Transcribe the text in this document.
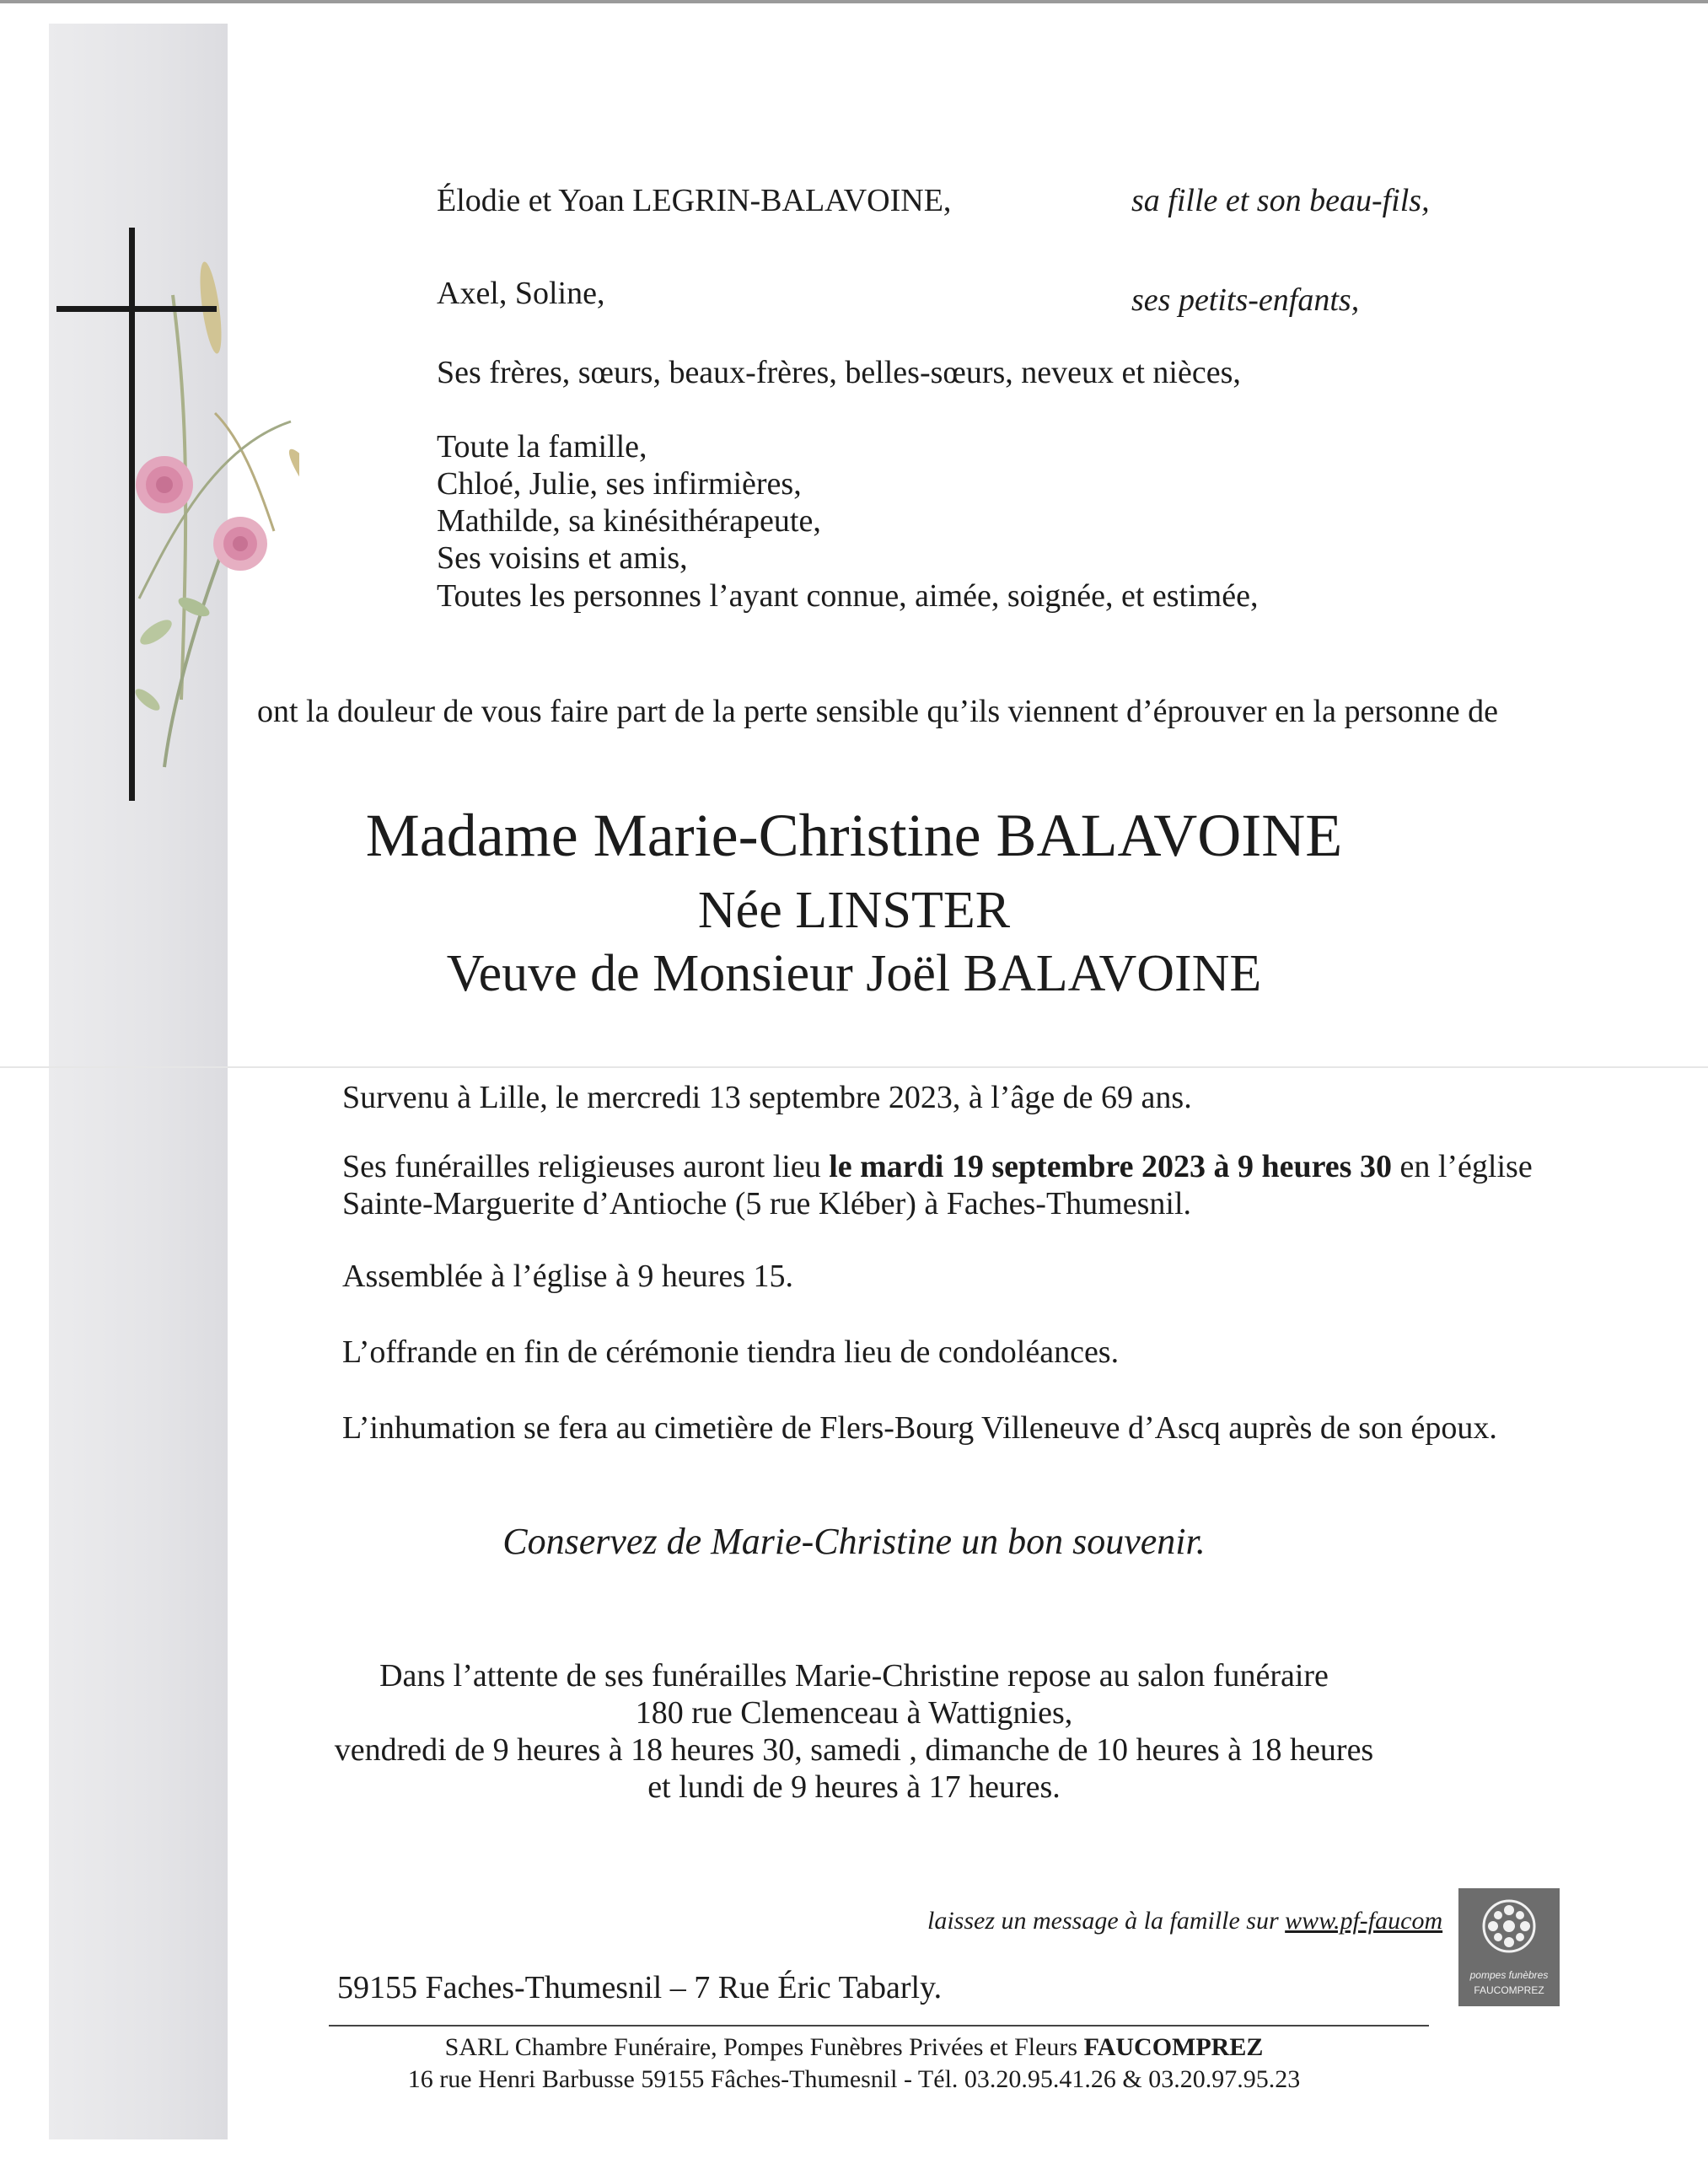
Élodie et Yoan LEGRIN-BALAVOINE,	sa fille et son beau-fils,
Axel, Soline,	ses petits-enfants,
Ses frères, sœurs, beaux-frères, belles-sœurs, neveux et nièces,
Toute la famille,
Chloé, Julie, ses infirmières,
Mathilde, sa kinésithérapeute,
Ses voisins et amis,
Toutes les personnes l’ayant connue, aimée, soignée, et estimée,
ont la douleur de vous faire part de la perte sensible qu’ils viennent d’éprouver en la personne de
Madame Marie-Christine BALAVOINE
Née LINSTER
Veuve de Monsieur Joël BALAVOINE
Survenu à Lille, le mercredi 13 septembre 2023, à l’âge de 69 ans.
Ses funérailles religieuses auront lieu le mardi 19 septembre 2023 à 9 heures 30 en l’église
Sainte-Marguerite d’Antioche (5 rue Kléber) à Faches-Thumesnil.
Assemblée à l’église à 9 heures 15.
L’offrande en fin de cérémonie tiendra lieu de condoléances.
L’inhumation se fera au cimetière de Flers-Bourg Villeneuve d’Ascq auprès de son époux.
Conservez de Marie-Christine un bon souvenir.
Dans l’attente de ses funérailles Marie-Christine repose au salon funéraire
180 rue Clemenceau à Wattignies,
vendredi de 9 heures à 18 heures 30, samedi , dimanche de 10 heures à 18 heures
et lundi de 9 heures à 17 heures.
laissez un message à la famille sur www.pf-faucom
pompes funèbres
FAUCOMPREZ
59155 Faches-Thumesnil – 7 Rue Éric Tabarly.
SARL Chambre Funéraire, Pompes Funèbres Privées et Fleurs FAUCOMPREZ
16 rue Henri Barbusse 59155 Fâches-Thumesnil - Tél. 03.20.95.41.26 & 03.20.97.95.23
